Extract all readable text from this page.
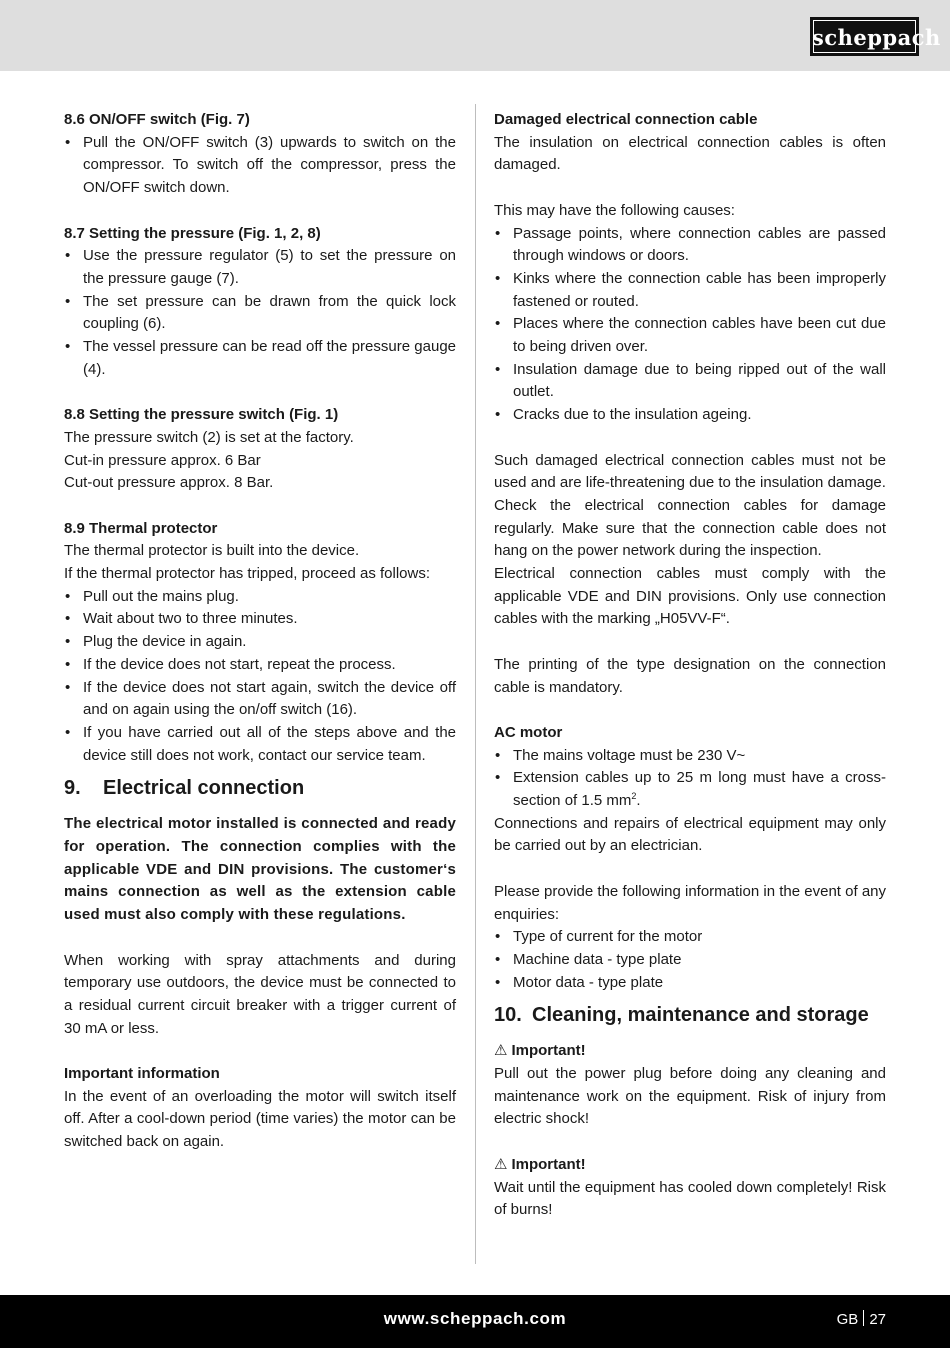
scheppach

8.6 ON/OFF switch (Fig. 7)

• Pull the ON/OFF switch (3) upwards to switch on the compressor. To switch off the compressor, press the ON/OFF switch down.

8.7 Setting the pressure (Fig. 1, 2, 8)

• Use the pressure regulator (5) to set the pressure on the pressure gauge (7).
• The set pressure can be drawn from the quick lock coupling (6).
• The vessel pressure can be read off the pressure gauge (4).

8.8 Setting the pressure switch (Fig. 1)

The pressure switch (2) is set at the factory.

Cut-in pressure approx. 6 Bar

Cut-out pressure approx. 8 Bar.

8.9 Thermal protector

The thermal protector is built into the device.

If the thermal protector has tripped, proceed as follows:

• Pull out the mains plug.
• Wait about two to three minutes.
• Plug the device in again.
• If the device does not start, repeat the process.
• If the device does not start again, switch the device off and on again using the on/off switch (16).
• If you have carried out all of the steps above and the device still does not work, contact our service team.
9.	Electrical connection

The electrical motor installed is connected and ready for operation. The connection complies with the applicable VDE and DIN provisions. The customer‘s mains connection as well as the extension cable used must also comply with these regulations.

When working with spray attachments and during temporary use outdoors, the device must be connected to a residual current circuit breaker with a trigger current of 30 mA or less.

Important information

In the event of an overloading the motor will switch itself off. After a cool-down period (time varies) the motor can be switched back on again.

Damaged electrical connection cable

The insulation on electrical connection cables is often damaged.

This may have the following causes:

• Passage points, where connection cables are passed through windows or doors.
• Kinks where the connection cable has been improperly fastened or routed.
• Places where the connection cables have been cut due to being driven over.
• Insulation damage due to being ripped out of the wall outlet.
• Cracks due to the insulation ageing.

Such damaged electrical connection cables must not be used and are life-threatening due to the insulation damage.

Check the electrical connection cables for damage regularly. Make sure that the connection cable does not hang on the power network during the inspection.

Electrical connection cables must comply with the applicable VDE and DIN provisions. Only use connection cables with the marking „H05VV-F“.

The printing of the type designation on the connection cable is mandatory.

AC motor

• The mains voltage must be 230 V~
• Extension cables up to 25 m long must have a cross-section of 1.5 $mm^2$.

Connections and repairs of electrical equipment may only be carried out by an electrician.

Please provide the following information in the event of any enquiries:

• Type of current for the motor
• Machine data - type plate
• Motor data - type plate
10. Cleaning, maintenance and storage

⚠ Important!

Pull out the power plug before doing any cleaning and maintenance work on the equipment. Risk of injury from electric shock!

⚠ Important!

Wait until the equipment has cooled down completely! Risk of burns!

www.scheppach.com	GB 27
